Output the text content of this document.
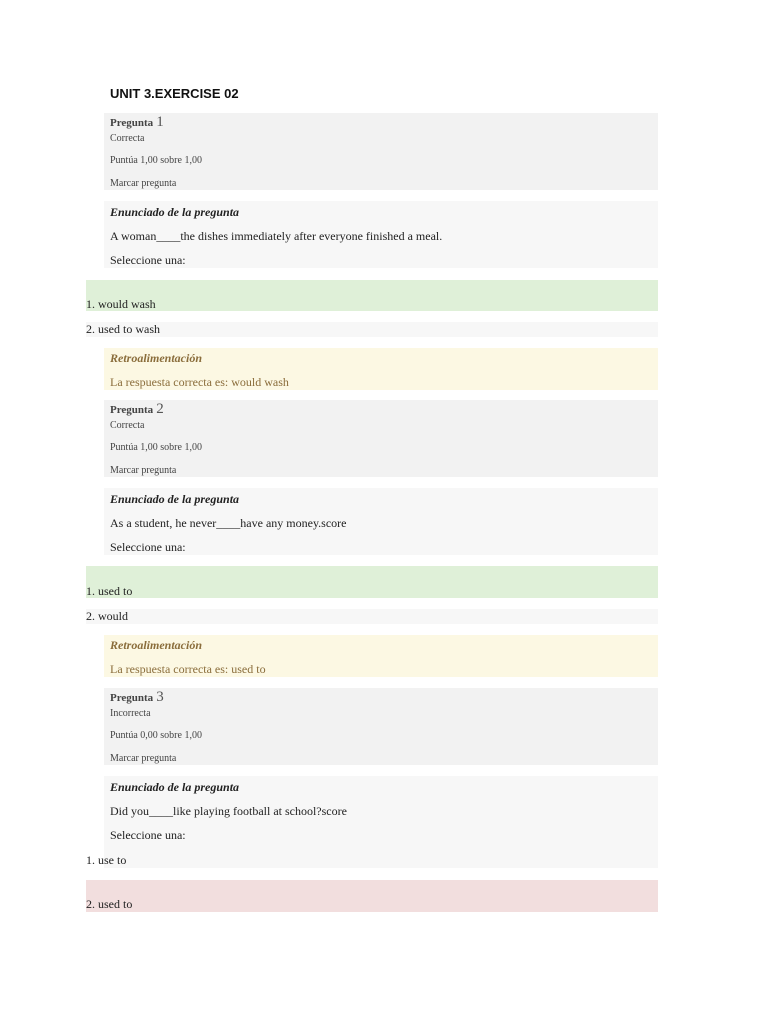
UNIT 3.EXERCISE 02
Pregunta 1
Correcta
Puntúa 1,00 sobre 1,00
Marcar pregunta
Enunciado de la pregunta
A woman____the dishes immediately after everyone finished a meal.
Seleccione una:
1. would wash
2. used to wash
Retroalimentación
La respuesta correcta es: would wash
Pregunta 2
Correcta
Puntúa 1,00 sobre 1,00
Marcar pregunta
Enunciado de la pregunta
As a student, he never____have any money.score
Seleccione una:
1. used to
2. would
Retroalimentación
La respuesta correcta es: used to
Pregunta 3
Incorrecta
Puntúa 0,00 sobre 1,00
Marcar pregunta
Enunciado de la pregunta
Did you____like playing football at school?score
Seleccione una:
1. use to
2. used to
